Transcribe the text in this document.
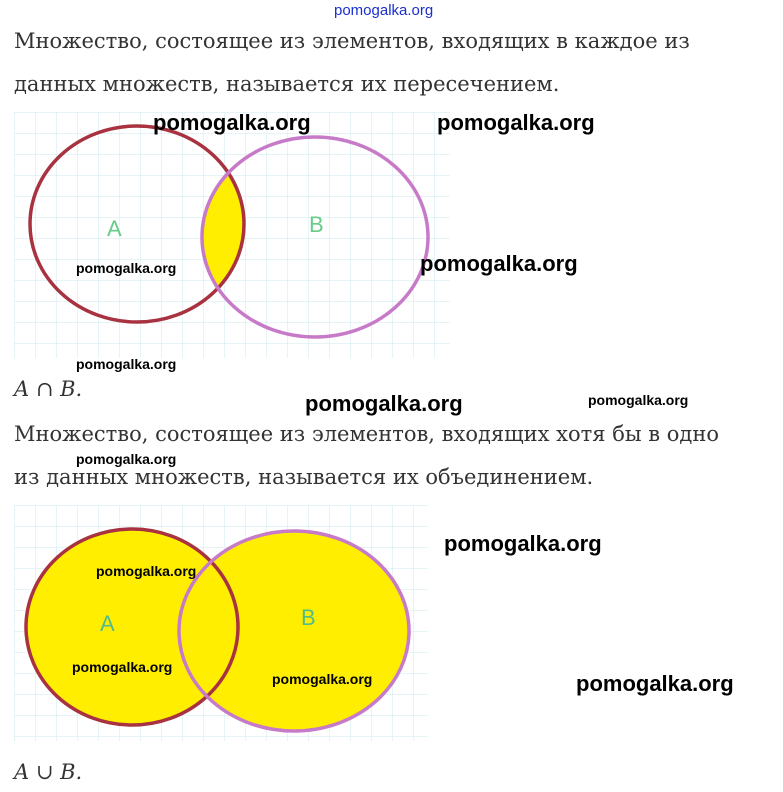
pomogalka.org
Множество, состоящее из элементов, входящих в каждое из
данных множеств, называется их пересечением.
A	B
A ∩ B.
Множество, состоящее из элементов, входящих хотя бы в одно
из данных множеств, называется их объединением.
A	B
A ∪ B.
pomogalka.org	pomogalka.org
pomogalka.org	pomogalka.org
pomogalka.org
pomogalka.org	pomogalka.org
pomogalka.org
pomogalka.org
pomogalka.org
pomogalka.org
pomogalka.org	pomogalka.org
